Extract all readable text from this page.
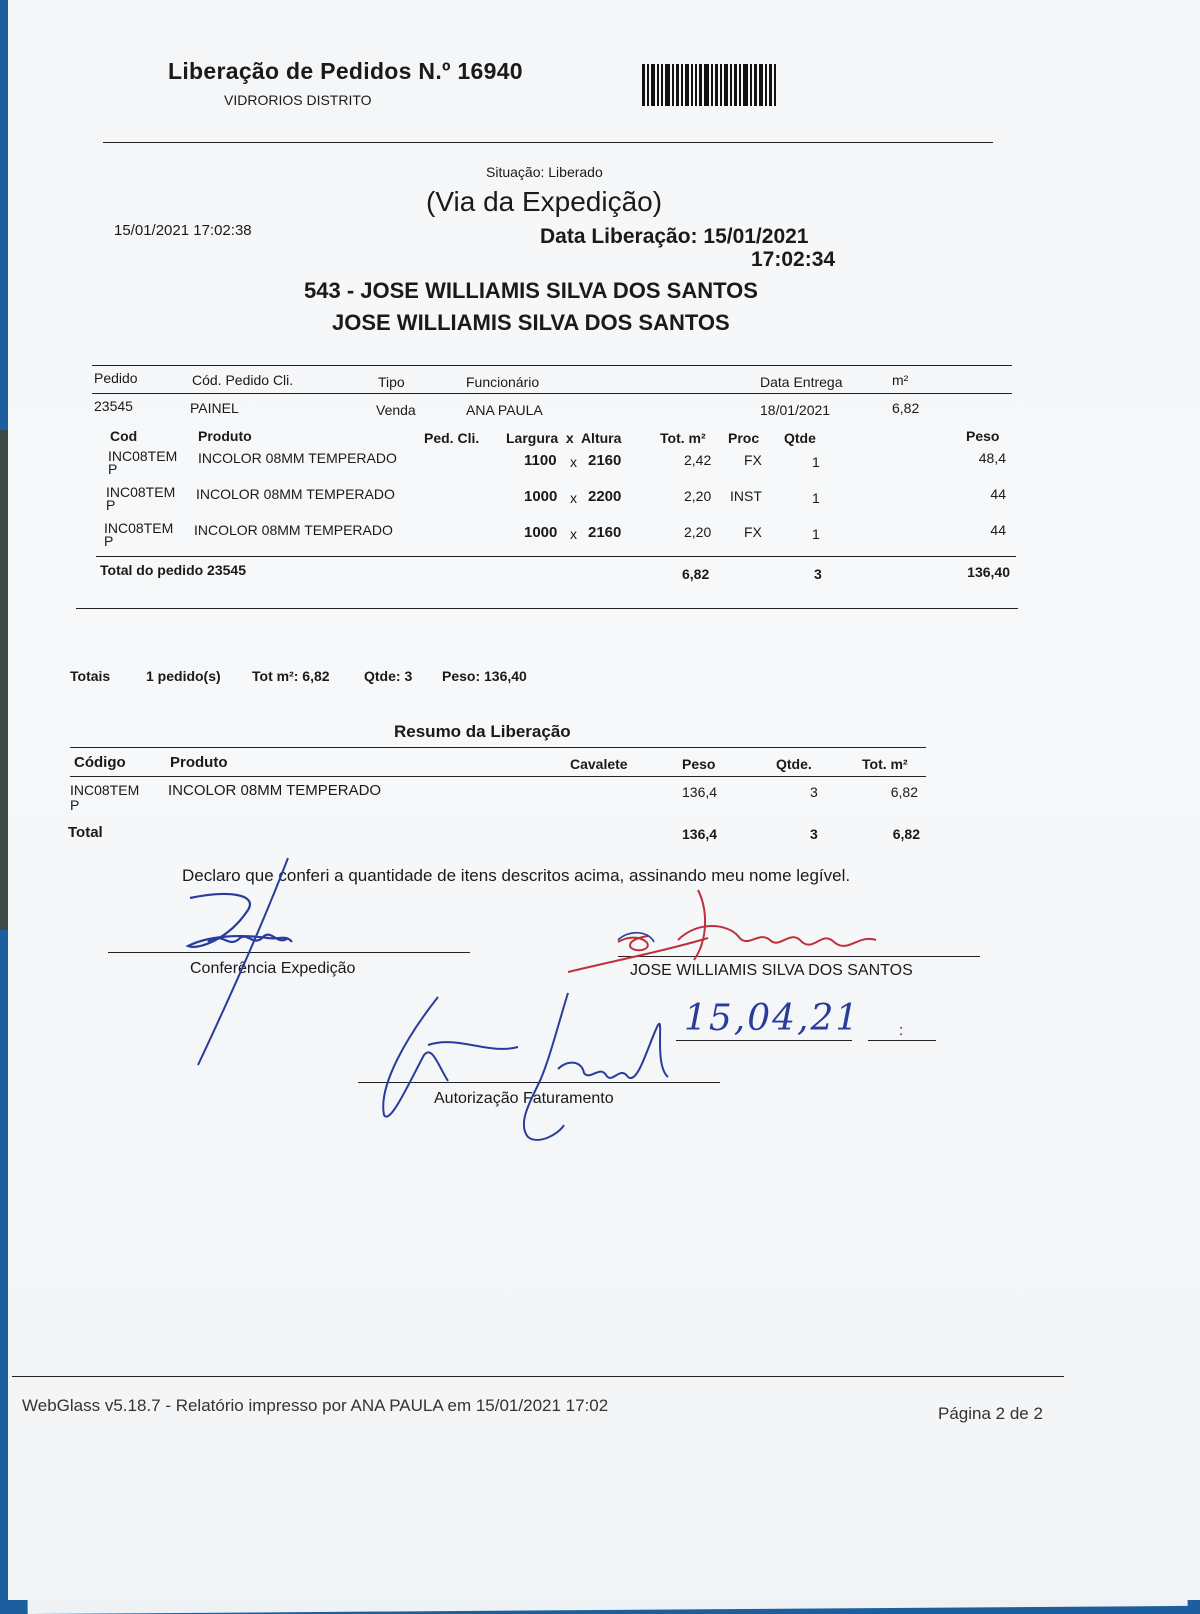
Liberação de Pedidos N.º 16940
VIDRORIOS DISTRITO
Situação: Liberado
(Via da Expedição)
15/01/2021 17:02:38	Data Liberação: 15/01/2021
17:02:34
543 - JOSE WILLIAMIS SILVA DOS SANTOS
JOSE WILLIAMIS SILVA DOS SANTOS
Pedido	Cód. Pedido Cli.	Tipo	Funcionário	Data Entrega	m²
23545	PAINEL	Venda	ANA PAULA	18/01/2021	6,82
Cod	Produto	Ped. Cli. Largura  x  Altura	Tot. m² Proc Qtde	Peso
INC08TEM
P
INCOLOR 08MM TEMPERADO	1100 x 2160	2,42 FX	1	48,4
INC08TEM
P
INCOLOR 08MM TEMPERADO	1000 x 2200	2,20 INST	1	44
INC08TEM
P
INCOLOR 08MM TEMPERADO	1000 x 2160	2,20 FX	1	44
Total do pedido 23545	6,82	3	136,40
Totais	1 pedido(s) Tot m²: 6,82 Qtde: 3 Peso: 136,40
Resumo da Liberação
Código	Produto	Cavalete	Peso	Qtde.	Tot. m²
INC08TEM
P
INCOLOR 08MM TEMPERADO	136,4	3	6,82
Total	136,4	3	6,82
Declaro que conferi a quantidade de itens descritos acima, assinando meu nome legível.
Conferência Expedição	JOSE WILLIAMIS SILVA DOS SANTOS
:
15,04,21
Autorização Faturamento
WebGlass v5.18.7 - Relatório impresso por ANA PAULA em 15/01/2021 17:02	Página 2 de 2
